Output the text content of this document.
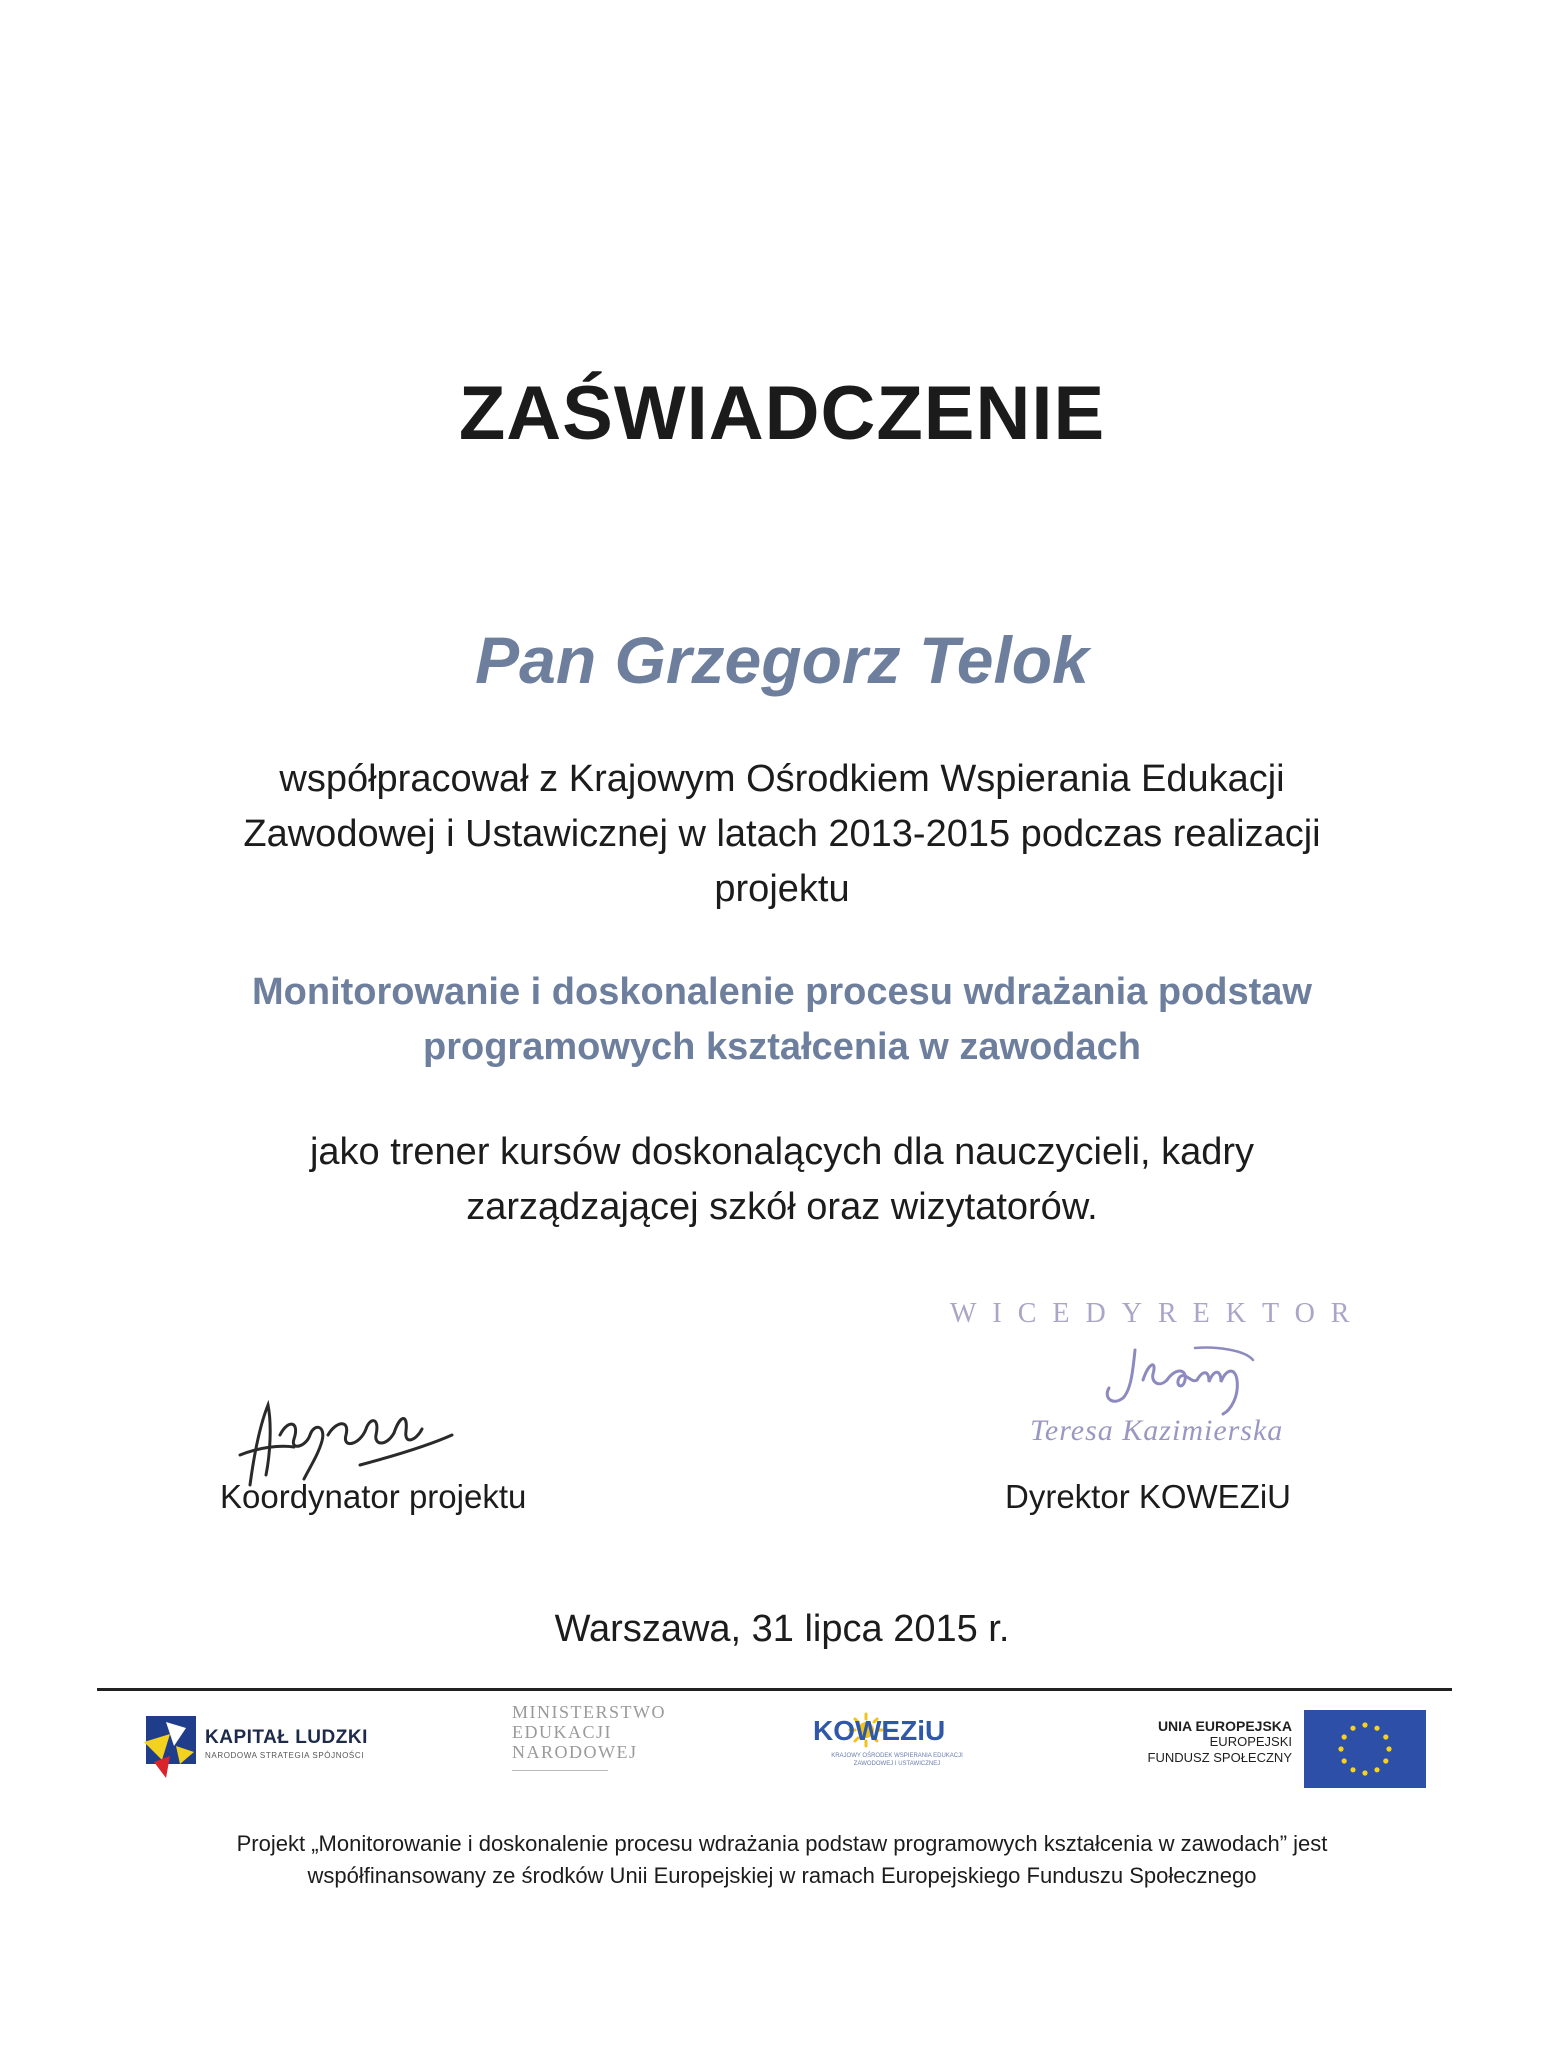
ZAŚWIADCZENIE
Pan Grzegorz Telok
współpracował z Krajowym Ośrodkiem Wspierania Edukacji
Zawodowej i Ustawicznej w latach 2013-2015 podczas realizacji
projektu
Monitorowanie i doskonalenie procesu wdrażania podstaw
programowych kształcenia w zawodach
jako trener kursów doskonalących dla nauczycieli, kadry
zarządzającej szkół oraz wizytatorów.
WICEDYREKTOR
Teresa Kazimierska
Koordynator projektu	Dyrektor KOWEZiU
Warszawa, 31 lipca 2015 r.
KAPITAŁ LUDZKI
NARODOWA STRATEGIA SPÓJNOŚCI
MINISTERSTWO
EDUKACJI
NARODOWEJ
KOWEZiU
KRAJOWY OŚRODEK WSPIERANIA EDUKACJI ZAWODOWEJ I USTAWICZNEJ
UNIA EUROPEJSKA
EUROPEJSKI
FUNDUSZ SPOŁECZNY
Projekt „Monitorowanie i doskonalenie procesu wdrażania podstaw programowych kształcenia w zawodach” jest
współfinansowany ze środków Unii Europejskiej w ramach Europejskiego Funduszu Społecznego
